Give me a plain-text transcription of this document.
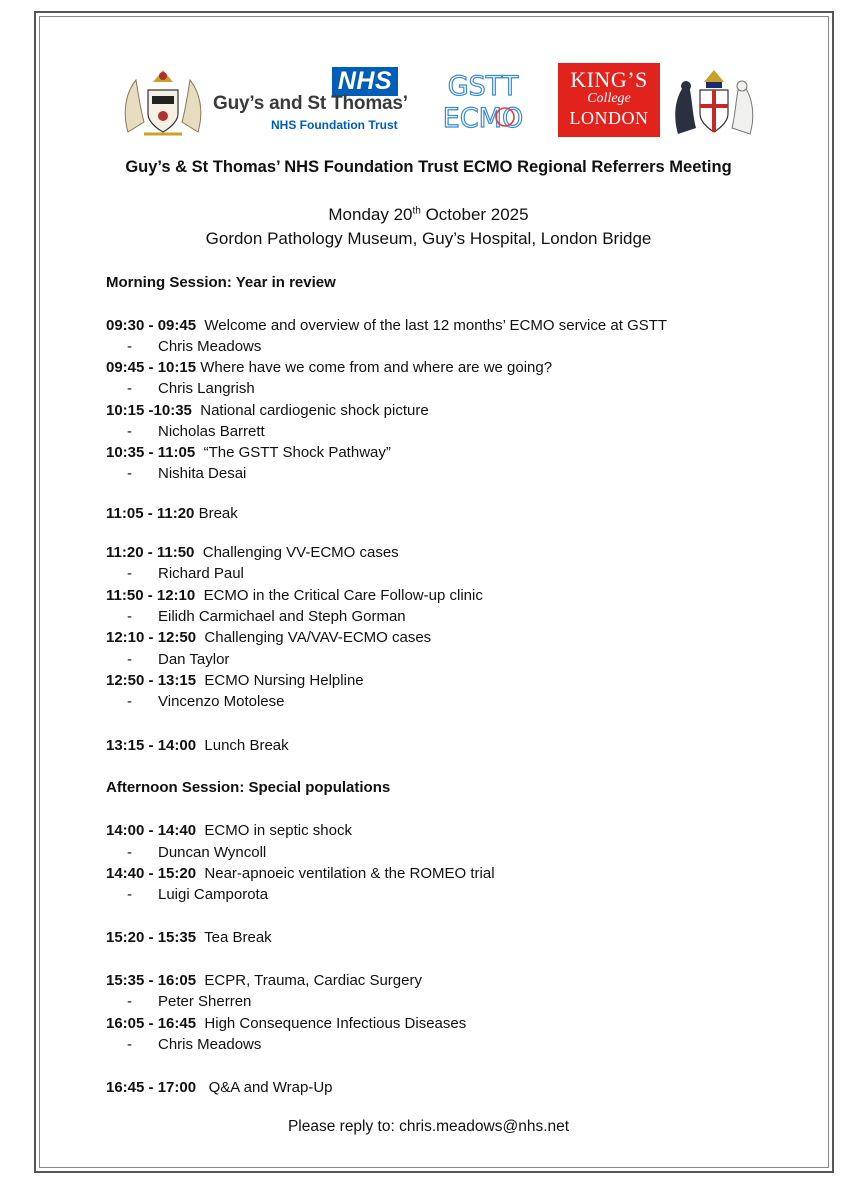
NHS GSTT
ECMO
KING’S
College
LONDON
Guy’s and St Thomas’
NHS Foundation Trust
Guy’s & St Thomas’ NHS Foundation Trust ECMO Regional Referrers Meeting
Monday 20th October 2025
Gordon Pathology Museum, Guy’s Hospital, London Bridge
Morning Session: Year in review
09:30 - 09:45 Welcome and overview of the last 12 months’ ECMO service at GSTT
- Chris Meadows
09:45 - 10:15 Where have we come from and where are we going?
- Chris Langrish
10:15 -10:35 National cardiogenic shock picture
- Nicholas Barrett
10:35 - 11:05 “The GSTT Shock Pathway”
- Nishita Desai
11:05 - 11:20 Break
11:20 - 11:50 Challenging VV-ECMO cases
- Richard Paul
11:50 - 12:10 ECMO in the Critical Care Follow-up clinic
- Eilidh Carmichael and Steph Gorman
12:10 - 12:50 Challenging VA/VAV-ECMO cases
- Dan Taylor
12:50 - 13:15 ECMO Nursing Helpline
- Vincenzo Motolese
13:15 - 14:00 Lunch Break
Afternoon Session: Special populations
14:00 - 14:40 ECMO in septic shock
- Duncan Wyncoll
14:40 - 15:20 Near-apnoeic ventilation & the ROMEO trial
- Luigi Camporota
15:20 - 15:35 Tea Break
15:35 - 16:05 ECPR, Trauma, Cardiac Surgery
- Peter Sherren
16:05 - 16:45 High Consequence Infectious Diseases
- Chris Meadows
16:45 - 17:00 Q&A and Wrap-Up
Please reply to: chris.meadows@nhs.net
